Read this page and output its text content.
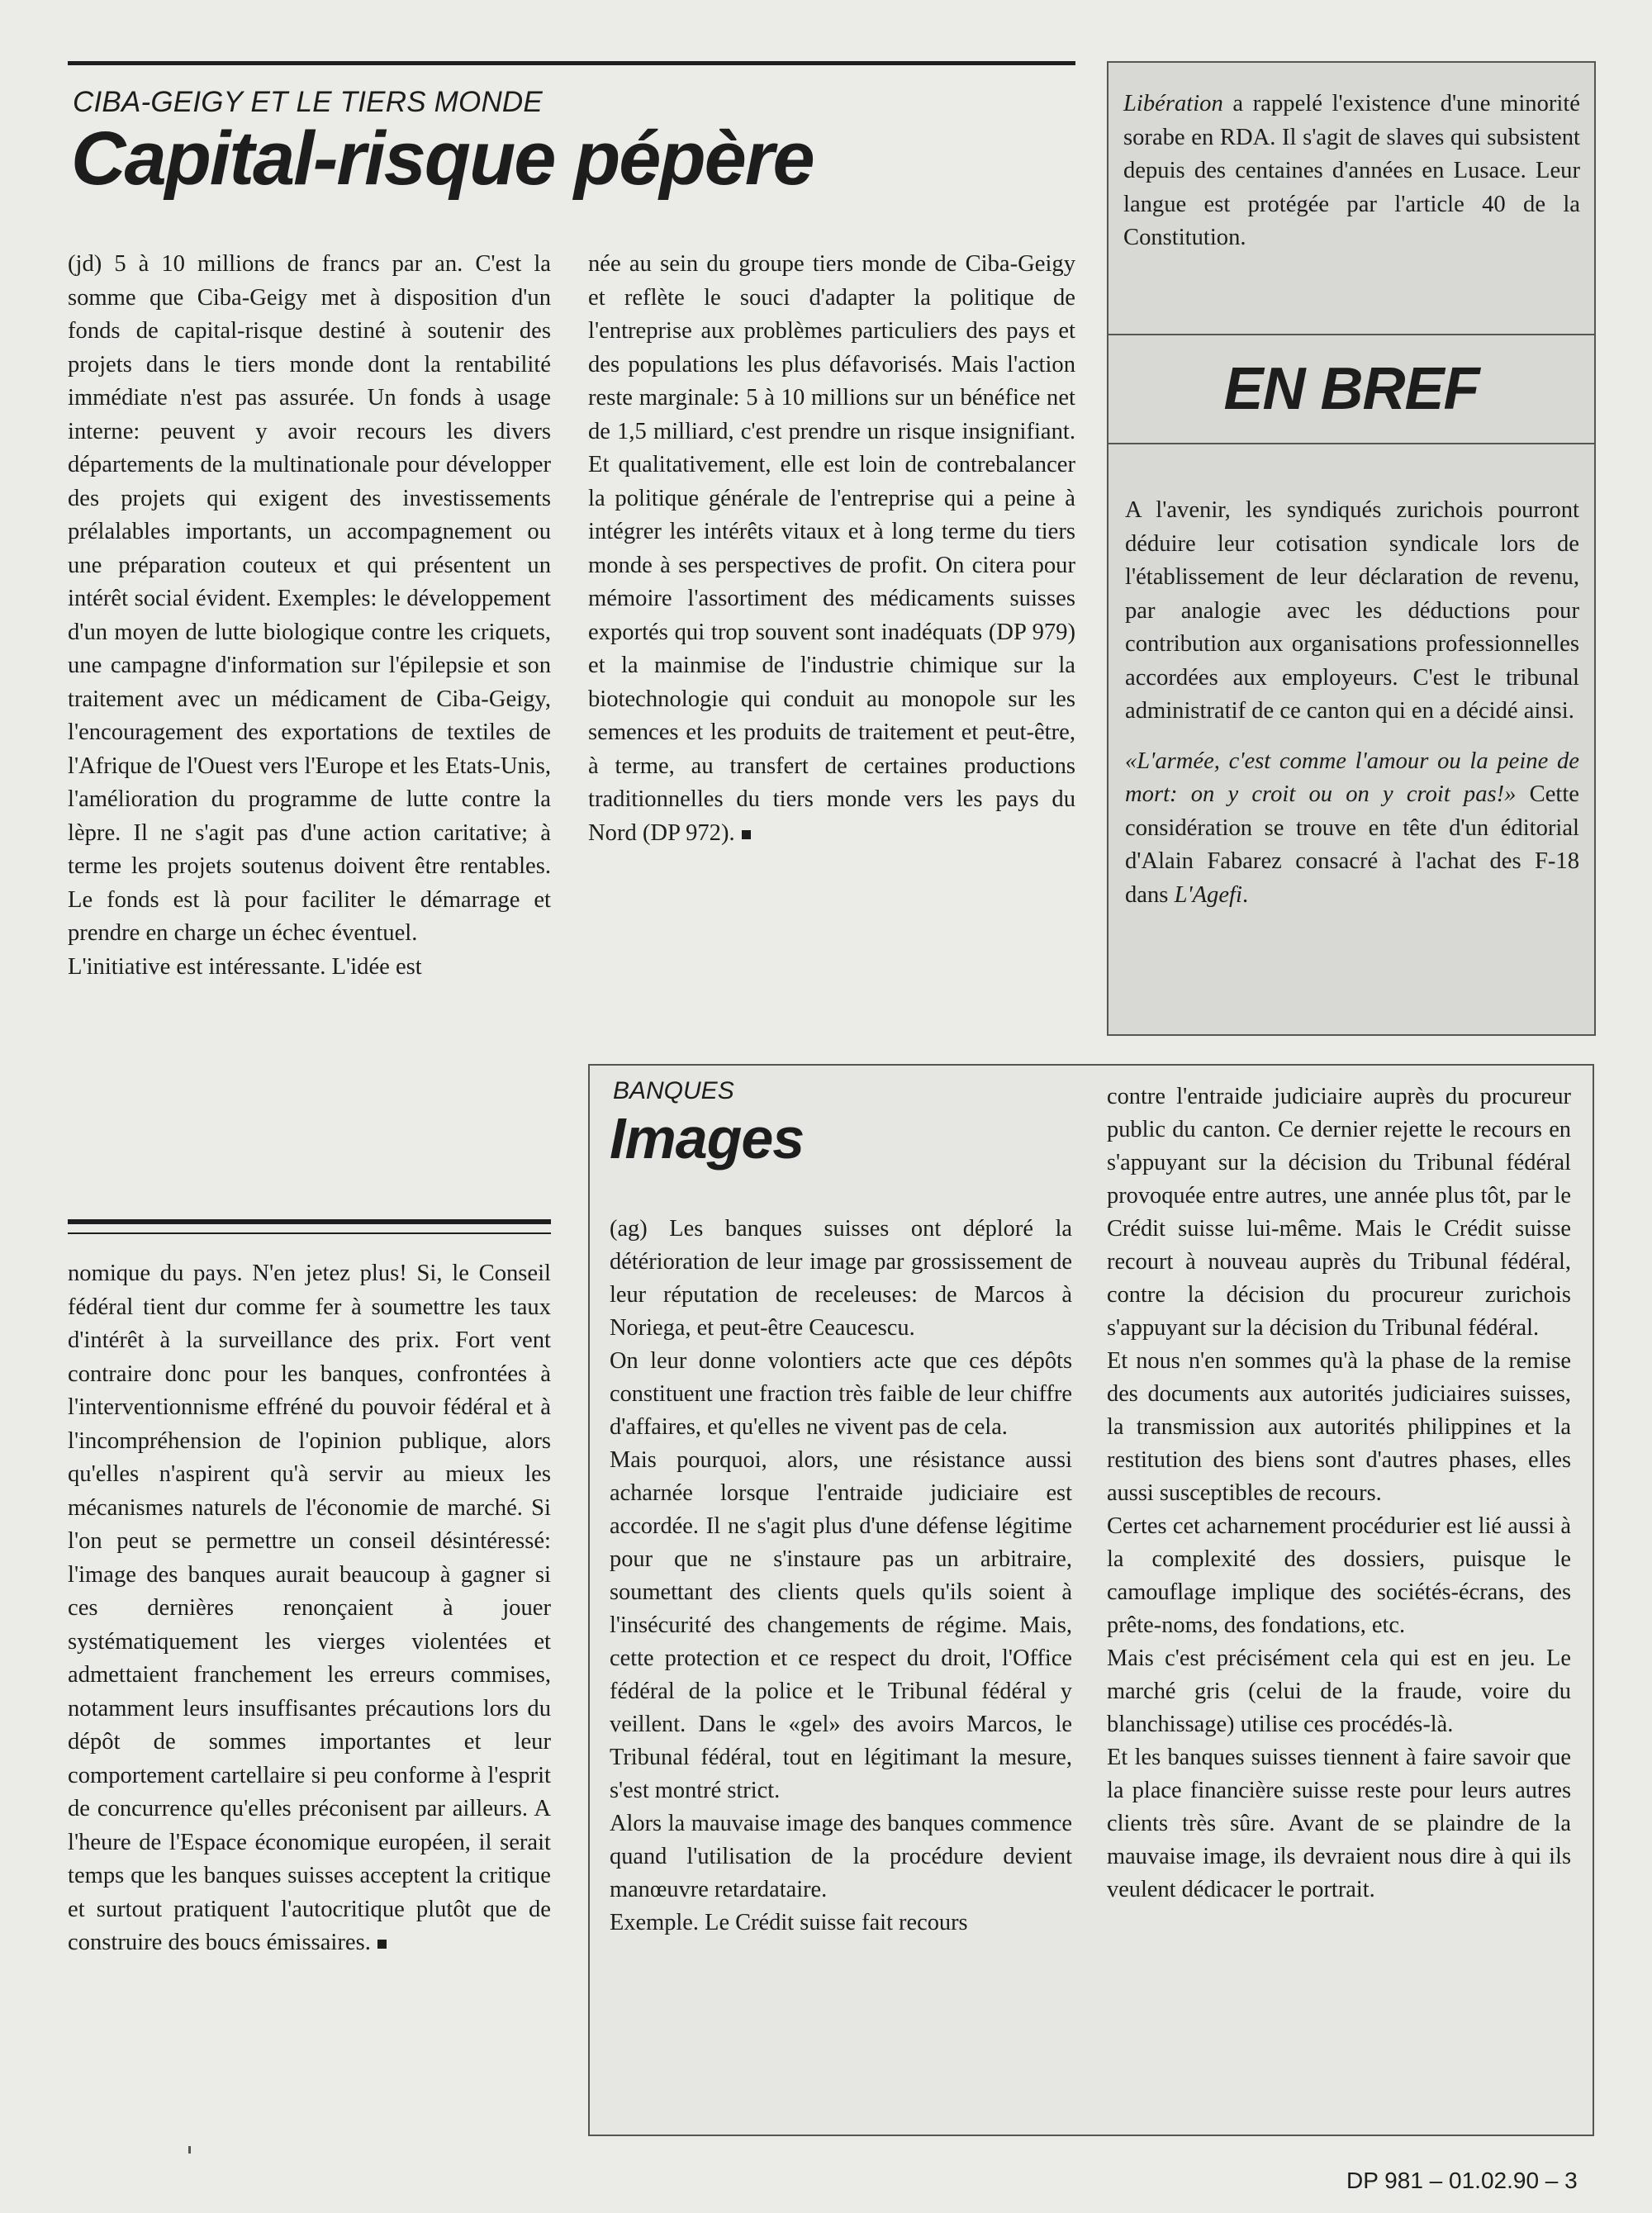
CIBA-GEIGY ET LE TIERS MONDE
Capital-risque pépère

(jd) 5 à 10 millions de francs par an. C'est la somme que Ciba-Geigy met à disposition d'un fonds de capital-risque destiné à soutenir des projets dans le tiers monde dont la rentabilité immédiate n'est pas assurée. Un fonds à usage interne: peuvent y avoir recours les divers départements de la multinationale pour développer des projets qui exigent des investissements prélalables importants, un accompagnement ou une préparation couteux et qui présentent un intérêt social évident. Exemples: le développement d'un moyen de lutte biologique contre les criquets, une campagne d'information sur l'épilepsie et son traitement avec un médicament de Ciba-Geigy, l'encouragement des exportations de textiles de l'Afrique de l'Ouest vers l'Europe et les Etats-Unis, l'amélioration du programme de lutte contre la lèpre. Il ne s'agit pas d'une action caritative; à terme les projets soutenus doivent être rentables. Le fonds est là pour faciliter le démarrage et prendre en charge un échec éventuel.

L'initiative est intéressante. L'idée est

née au sein du groupe tiers monde de Ciba-Geigy et reflète le souci d'adapter la politique de l'entreprise aux problèmes particuliers des pays et des populations les plus défavorisés. Mais l'action reste marginale: 5 à 10 millions sur un bénéfice net de 1,5 milliard, c'est prendre un risque insignifiant. Et qualitativement, elle est loin de contrebalancer la politique générale de l'entreprise qui a peine à intégrer les intérêts vitaux et à long terme du tiers monde à ses perspectives de profit. On citera pour mémoire l'assortiment des médicaments suisses exportés qui trop souvent sont inadéquats (DP 979) et la mainmise de l'industrie chimique sur la biotechnologie qui conduit au monopole sur les semences et les produits de traitement et peut-être, à terme, au transfert de certaines productions traditionnelles du tiers monde vers les pays du Nord (DP 972).

nomique du pays. N'en jetez plus! Si, le Conseil fédéral tient dur comme fer à soumettre les taux d'intérêt à la surveillance des prix. Fort vent contraire donc pour les banques, confrontées à l'interventionnisme effréné du pouvoir fédéral et à l'incompréhension de l'opinion publique, alors qu'elles n'aspirent qu'à servir au mieux les mécanismes naturels de l'économie de marché. Si l'on peut se permettre un conseil désintéressé: l'image des banques aurait beaucoup à gagner si ces dernières renonçaient à jouer systématiquement les vierges violentées et admettaient franchement les erreurs commises, notamment leurs insuffisantes précautions lors du dépôt de sommes importantes et leur comportement cartellaire si peu conforme à l'esprit de concurrence qu'elles préconisent par ailleurs. A l'heure de l'Espace économique européen, il serait temps que les banques suisses acceptent la critique et surtout pratiquent l'autocritique plutôt que de construire des boucs émissaires.

Libération a rappelé l'existence d'une minorité sorabe en RDA. Il s'agit de slaves qui subsistent depuis des centaines d'années en Lusace. Leur langue est protégée par l'article 40 de la Constitution.

EN BREF

A l'avenir, les syndiqués zurichois pourront déduire leur cotisation syndicale lors de l'établissement de leur déclaration de revenu, par analogie avec les déductions pour contribution aux organisations professionnelles accordées aux employeurs. C'est le tribunal administratif de ce canton qui en a décidé ainsi.

«L'armée, c'est comme l'amour ou la peine de mort: on y croit ou on y croit pas!» Cette considération se trouve en tête d'un éditorial d'Alain Fabarez consacré à l'achat des F-18 dans L'Agefi.

BANQUES
Images

(ag) Les banques suisses ont déploré la détérioration de leur image par grossissement de leur réputation de receleuses: de Marcos à Noriega, et peut-être Ceaucescu.

On leur donne volontiers acte que ces dépôts constituent une fraction très faible de leur chiffre d'affaires, et qu'elles ne vivent pas de cela.

Mais pourquoi, alors, une résistance aussi acharnée lorsque l'entraide judiciaire est accordée. Il ne s'agit plus d'une défense légitime pour que ne s'instaure pas un arbitraire, soumettant des clients quels qu'ils soient à l'insécurité des changements de régime. Mais, cette protection et ce respect du droit, l'Office fédéral de la police et le Tribunal fédéral y veillent. Dans le «gel» des avoirs Marcos, le Tribunal fédéral, tout en légitimant la mesure, s'est montré strict.

Alors la mauvaise image des banques commence quand l'utilisation de la procédure devient manœuvre retardataire.

Exemple. Le Crédit suisse fait recours

contre l'entraide judiciaire auprès du procureur public du canton. Ce dernier rejette le recours en s'appuyant sur la décision du Tribunal fédéral provoquée entre autres, une année plus tôt, par le Crédit suisse lui-même. Mais le Crédit suisse recourt à nouveau auprès du Tribunal fédéral, contre la décision du procureur zurichois s'appuyant sur la décision du Tribunal fédéral.

Et nous n'en sommes qu'à la phase de la remise des documents aux autorités judiciaires suisses, la transmission aux autorités philippines et la restitution des biens sont d'autres phases, elles aussi susceptibles de recours.

Certes cet acharnement procédurier est lié aussi à la complexité des dossiers, puisque le camouflage implique des sociétés-écrans, des prête-noms, des fondations, etc.

Mais c'est précisément cela qui est en jeu. Le marché gris (celui de la fraude, voire du blanchissage) utilise ces procédés-là.

Et les banques suisses tiennent à faire savoir que la place financière suisse reste pour leurs autres clients très sûre. Avant de se plaindre de la mauvaise image, ils devraient nous dire à qui ils veulent dédicacer le portrait.

DP 981 – 01.02.90 – 3
